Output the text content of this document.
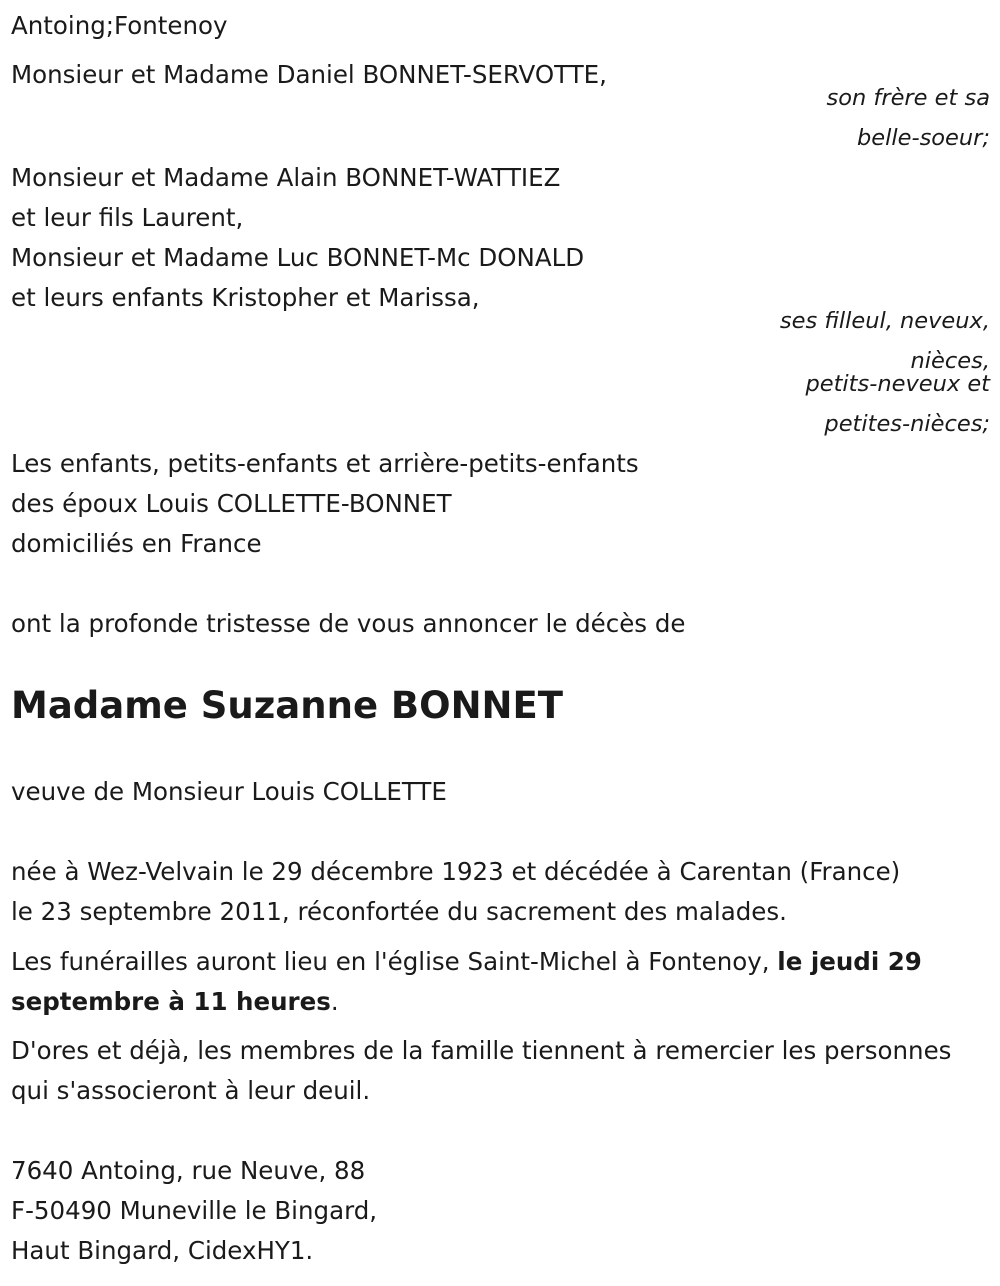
Antoing;Fontenoy
Monsieur et Madame Daniel BONNET-SERVOTTE,
son frère et sa
belle-soeur;
Monsieur et Madame Alain BONNET-WATTIEZ
et leur fils Laurent,
Monsieur et Madame Luc BONNET-Mc DONALD
et leurs enfants Kristopher et Marissa,
ses filleul, neveux,
nièces,
petits-neveux et
petites-nièces;
Les enfants, petits-enfants et arrière-petits-enfants
des époux Louis COLLETTE-BONNET
domiciliés en France
ont la profonde tristesse de vous annoncer le décès de
Madame Suzanne BONNET
veuve de Monsieur Louis COLLETTE
née à Wez-Velvain le 29 décembre 1923 et décédée à Carentan (France)
le 23 septembre 2011, réconfortée du sacrement des malades.
Les funérailles auront lieu en l'église Saint-Michel à Fontenoy, le jeudi 29 septembre à 11 heures.
D'ores et déjà, les membres de la famille tiennent à remercier les personnes qui s'associeront à leur deuil.
7640 Antoing, rue Neuve, 88
F-50490 Muneville le Bingard,
Haut Bingard, CidexHY1.
